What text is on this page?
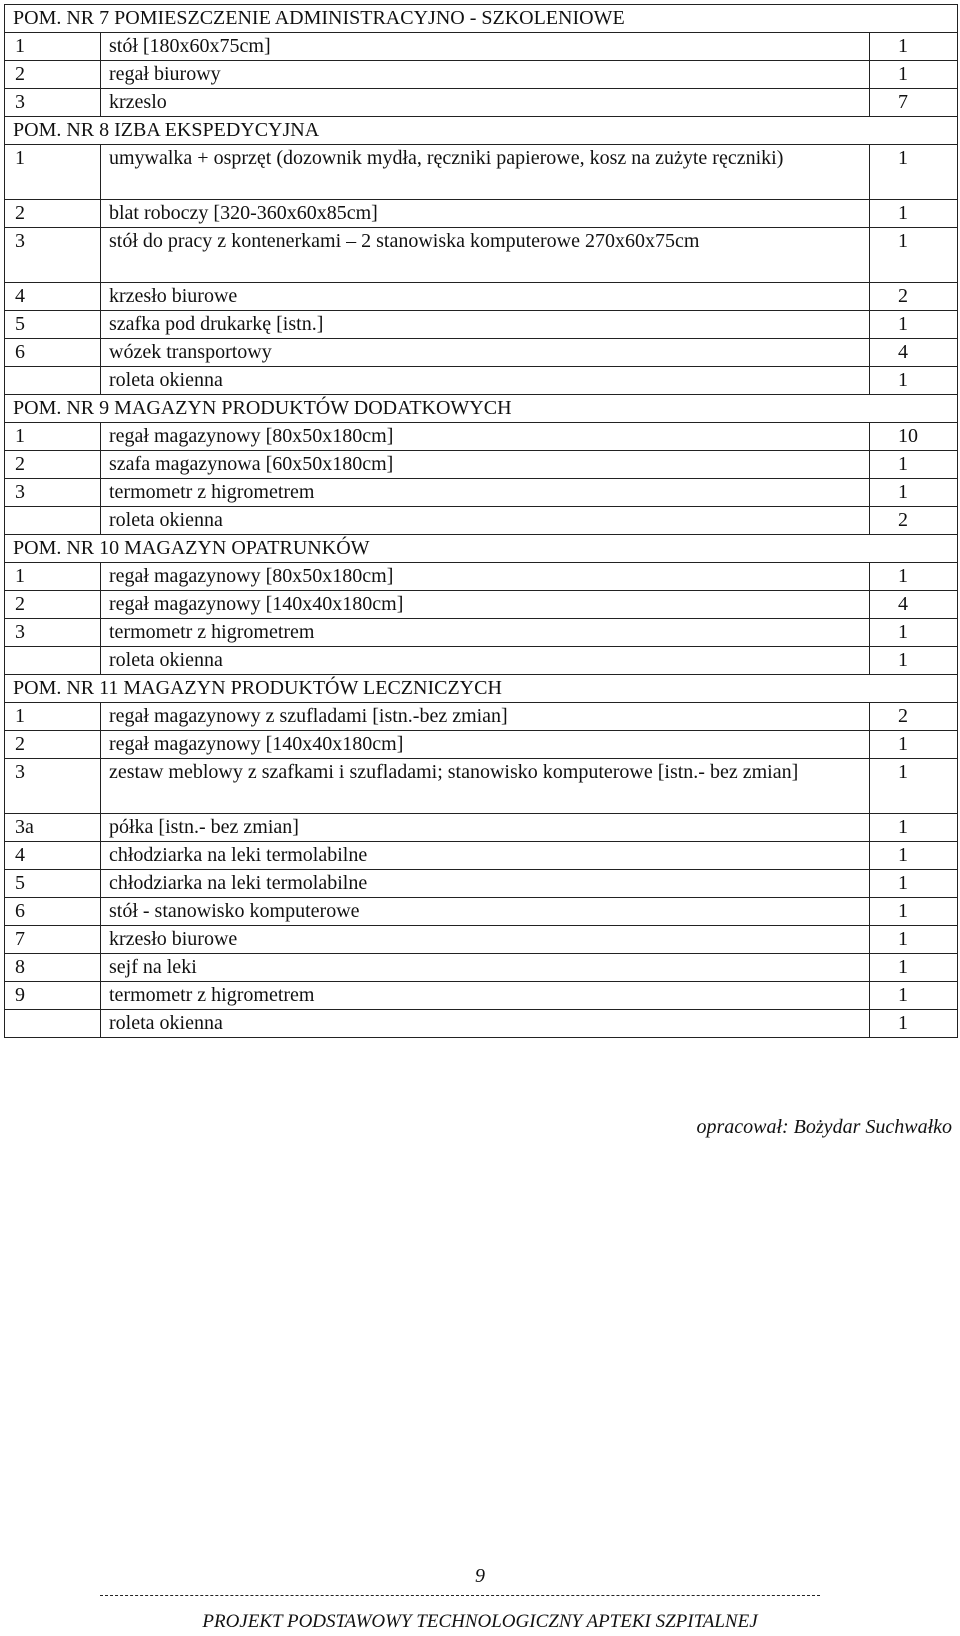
POM. NR 7 POMIESZCZENIE ADMINISTRACYJNO - SZKOLENIOWE		
1	stół [180x60x75cm]	1
2	regał biurowy	1
3	krzeslo	7
POM. NR 8 IZBA EKSPEDYCYJNA		
1	umywalka + osprzęt (dozownik mydła, ręczniki papierowe, kosz na zużyte ręczniki)	1
2	blat roboczy [320-360x60x85cm]	1
3	stół do pracy z kontenerkami – 2 stanowiska komputerowe 270x60x75cm	1
4	krzesło biurowe	2
5	szafka pod drukarkę [istn.]	1
6	wózek transportowy	4
	roleta okienna	1
POM. NR 9 MAGAZYN PRODUKTÓW DODATKOWYCH		
1	regał magazynowy [80x50x180cm]	10
2	szafa magazynowa [60x50x180cm]	1
3	termometr z higrometrem	1
	roleta okienna	2
POM. NR 10 MAGAZYN OPATRUNKÓW		
1	regał magazynowy [80x50x180cm]	1
2	regał magazynowy [140x40x180cm]	4
3	termometr z higrometrem	1
	roleta okienna	1
POM. NR 11 MAGAZYN PRODUKTÓW LECZNICZYCH		
1	regał magazynowy z szufladami [istn.-bez zmian]	2
2	regał magazynowy [140x40x180cm]	1
3	zestaw meblowy z szafkami i szufladami; stanowisko komputerowe [istn.- bez zmian]	1
3a	półka [istn.- bez zmian]	1
4	chłodziarka na leki termolabilne	1
5	chłodziarka na leki termolabilne	1
6	stół - stanowisko komputerowe	1
7	krzesło biurowe	1
8	sejf na leki	1
9	termometr z higrometrem	1
	roleta okienna	1
opracował: Bożydar Suchwałko
9
PROJEKT PODSTAWOWY TECHNOLOGICZNY APTEKI SZPITALNEJ
